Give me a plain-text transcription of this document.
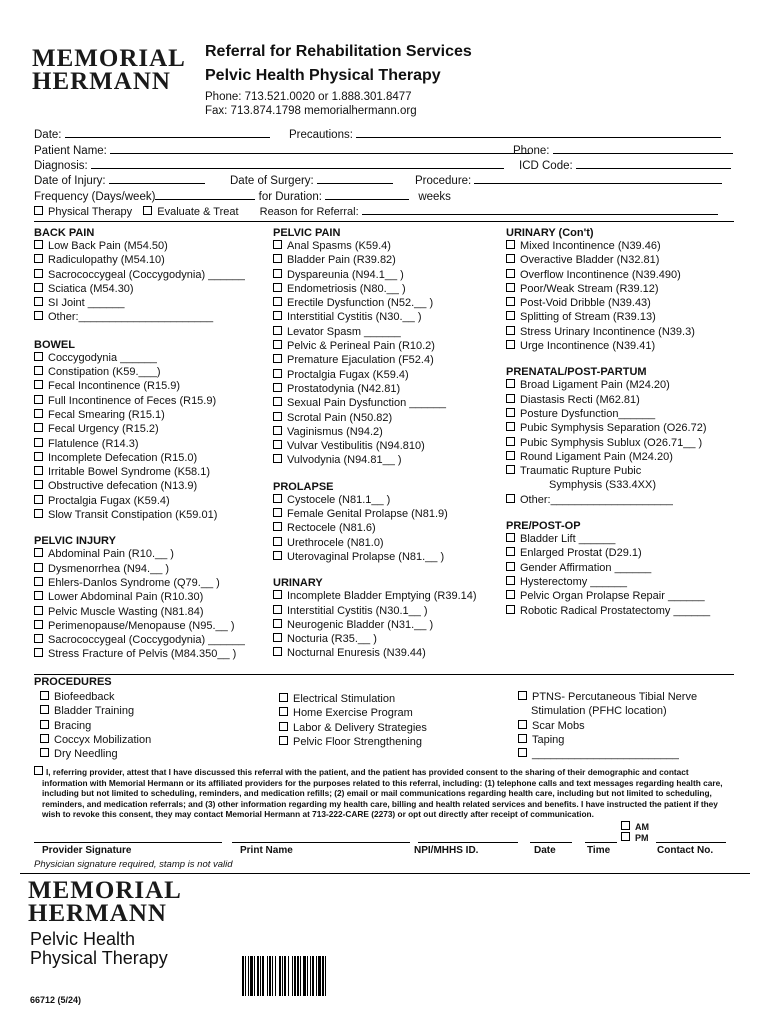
MEMORIAL
HERMANN
Referral for Rehabilitation Services
Pelvic Health Physical Therapy
Phone: 713.521.0020 or 1.888.301.8477
Fax: 713.874.1798 memorialhermann.org
Date:	Precautions:
Patient Name:	Phone:
Diagnosis:	ICD Code:
Date of Injury:	Date of Surgery:	Procedure:
Frequency (Days/week)	for Duration:	weeks
Physical Therapy Evaluate & Treat Reason for Referral:
BACK PAIN
Low Back Pain (M54.50)
Radiculopathy (M54.10)
Sacrococcygeal (Coccygodynia) ______
Sciatica (M54.30)
SI Joint ______
Other:______________________
BOWEL
Coccygodynia ______
Constipation (K59.___)
Fecal Incontinence (R15.9)
Full Incontinence of Feces (R15.9)
Fecal Smearing (R15.1)
Fecal Urgency (R15.2)
Flatulence (R14.3)
Incomplete Defecation (R15.0)
Irritable Bowel Syndrome (K58.1)
Obstructive defecation (N13.9)
Proctalgia Fugax (K59.4)
Slow Transit Constipation (K59.01)
PELVIC INJURY
Abdominal Pain (R10.__ )
Dysmenorrhea (N94.__ )
Ehlers-Danlos Syndrome (Q79.__ )
Lower Abdominal Pain (R10.30)
Pelvic Muscle Wasting (N81.84)
Perimenopause/Menopause (N95.__ )
Sacrococcygeal (Coccygodynia) ______
Stress Fracture of Pelvis (M84.350__ )
PELVIC PAIN
Anal Spasms (K59.4)
Bladder Pain (R39.82)
Dyspareunia (N94.1__ )
Endometriosis (N80.__ )
Erectile Dysfunction (N52.__ )
Interstitial Cystitis (N30.__ )
Levator Spasm ______
Pelvic & Perineal Pain (R10.2)
Premature Ejaculation (F52.4)
Proctalgia Fugax (K59.4)
Prostatodynia (N42.81)
Sexual Pain Dysfunction ______
Scrotal Pain (N50.82)
Vaginismus (N94.2)
Vulvar Vestibulitis (N94.810)
Vulvodynia (N94.81__ )
PROLAPSE
Cystocele (N81.1__ )
Female Genital Prolapse (N81.9)
Rectocele (N81.6)
Urethrocele (N81.0)
Uterovaginal Prolapse (N81.__ )
URINARY
Incomplete Bladder Emptying (R39.14)
Interstitial Cystitis (N30.1__ )
Neurogenic Bladder (N31.__ )
Nocturia (R35.__ )
Nocturnal Enuresis (N39.44)
URINARY (Con't)
Mixed Incontinence (N39.46)
Overactive Bladder (N32.81)
Overflow Incontinence (N39.490)
Poor/Weak Stream (R39.12)
Post-Void Dribble (N39.43)
Splitting of Stream (R39.13)
Stress Urinary Incontinence (N39.3)
Urge Incontinence (N39.41)
PRENATAL/POST-PARTUM
Broad Ligament Pain (M24.20)
Diastasis Recti (M62.81)
Posture Dysfunction______
Pubic Symphysis Separation (O26.72)
Pubic Symphysis Sublux (O26.71__ )
Round Ligament Pain (M24.20)
Traumatic Rupture Pubic
Symphysis (S33.4XX)
Other:____________________
PRE/POST-OP
Bladder Lift ______
Enlarged Prostat (D29.1)
Gender Affirmation ______
Hysterectomy ______
Pelvic Organ Prolapse Repair ______
Robotic Radical Prostatectomy ______
PROCEDURES
Biofeedback
Bladder Training
Bracing
Coccyx Mobilization
Dry Needling
Electrical Stimulation
Home Exercise Program
Labor & Delivery Strategies
Pelvic Floor Strengthening
PTNS- Percutaneous Tibial Nerve
Stimulation (PFHC location)
Scar Mobs
Taping
________________________
I, referring provider, attest that I have discussed this referral with the patient, and the patient has provided consent to the sharing of their demographic and contact
information with Memorial Hermann or its affiliated providers for the purposes related to this referral, including: (1) telephone calls and text messages regarding health care,
including but not limited to scheduling, reminders, and medication refills; (2) email or mail communications regarding health care, including but not limited to scheduling,
reminders, and medication referrals; and (3) other information regarding my health care, billing and health related services and benefits. I have instructed the patient if they
wish to revoke this consent, they may contact Memorial Hermann at 713-222-CARE (2273) or opt out directly after receipt of communication.
AM
PM
Provider Signature	Print Name	NPI/MHHS ID.	Date	Time	Contact No.
Physician signature required, stamp is not valid
MEMORIAL
HERMANN
Pelvic Health
Physical Therapy
66712 (5/24)
